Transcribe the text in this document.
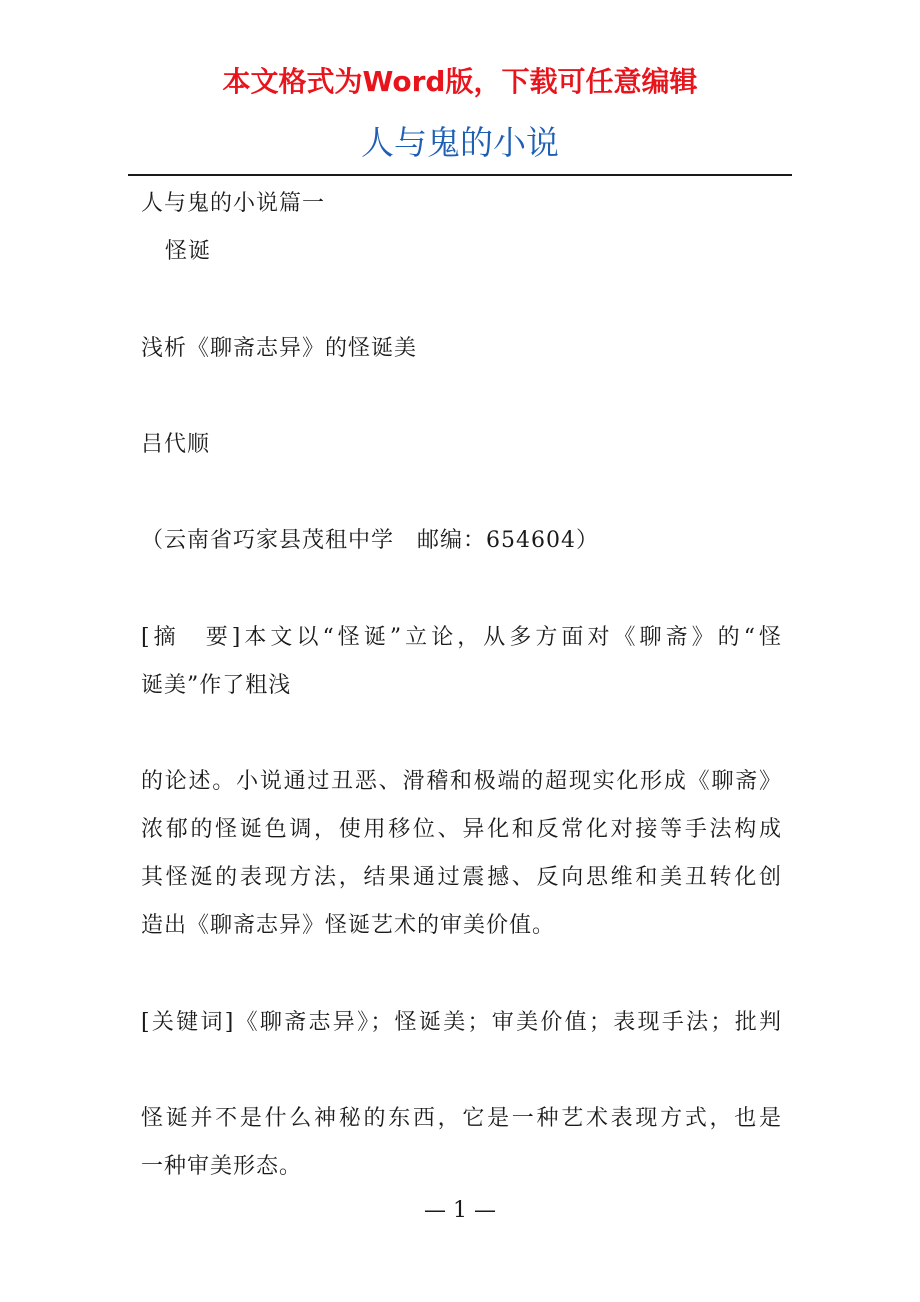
本文格式为Word版，下载可任意编辑
人与鬼的小说
人与鬼的小说篇一
怪诞
浅析《聊斋志异》的怪诞美
吕代顺
（云南省巧家县茂租中学　邮编：654604）
[摘　要]本文以“怪诞”立论，从多方面对《聊斋》的“怪
诞美”作了粗浅
的论述。小说通过丑恶、滑稽和极端的超现实化形成《聊斋》
浓郁的怪诞色调，使用移位、异化和反常化对接等手法构成
其怪涎的表现方法，结果通过震撼、反向思维和美丑转化创
造出《聊斋志异》怪诞艺术的审美价值。
[关键词]《聊斋志异》；怪诞美；审美价值；表现手法；批判
怪诞并不是什么神秘的东西，它是一种艺术表现方式，也是
一种审美形态。
— 1 —
